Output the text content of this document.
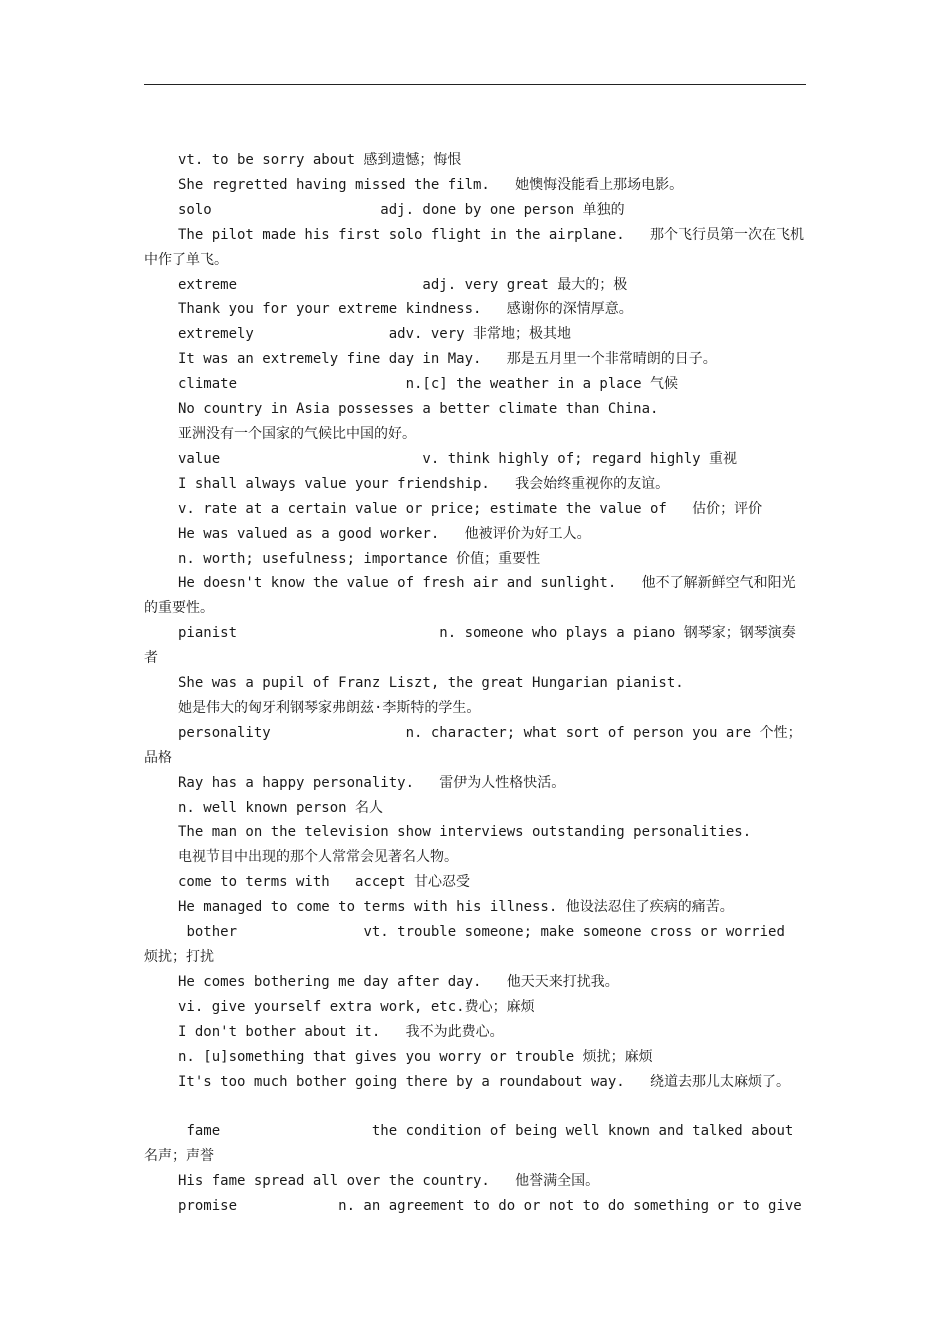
vt. to be sorry about 感到遗憾；悔恨
She regretted having missed the film.   她懊悔没能看上那场电影。
solo                    adj. done by one person 单独的
The pilot made his first solo flight in the airplane.   那个飞行员第一次在飞机中作了单飞。
extreme                      adj. very great 最大的；极
Thank you for your extreme kindness.   感谢你的深情厚意。
extremely                adv. very 非常地；极其地
It was an extremely fine day in May.   那是五月里一个非常晴朗的日子。
climate                    n.[c] the weather in a place 气候
No country in Asia possesses a better climate than China.
亚洲没有一个国家的气候比中国的好。
value                        v. think highly of; regard highly 重视
I shall always value your friendship.   我会始终重视你的友谊。
v. rate at a certain value or price; estimate the value of   估价；评价
He was valued as a good worker.   他被评价为好工人。
n. worth; usefulness; importance 价值；重要性
He doesn't know the value of fresh air and sunlight.   他不了解新鲜空气和阳光的重要性。
pianist                        n. someone who plays a piano 钢琴家；钢琴演奏者
She was a pupil of Franz Liszt, the great Hungarian pianist.
她是伟大的匈牙利钢琴家弗朗兹·李斯特的学生。
personality                n. character; what sort of person you are 个性；品格
Ray has a happy personality.   雷伊为人性格快活。
n. well known person 名人
The man on the television show interviews outstanding personalities.
电视节目中出现的那个人常常会见著名人物。
come to terms with   accept 甘心忍受
He managed to come to terms with his illness. 他设法忍住了疾病的痛苦。
bother               vt. trouble someone; make someone cross or worried 烦扰；打扰
He comes bothering me day after day.   他天天来打扰我。
vi. give yourself extra work, etc.费心；麻烦
I don't bother about it.   我不为此费心。
n. [u]something that gives you worry or trouble 烦扰；麻烦
It's too much bother going there by a roundabout way.   绕道去那儿太麻烦了。
fame                  the condition of being well known and talked about 名声；声誉
His fame spread all over the country.   他誉满全国。
promise            n. an agreement to do or not to do something or to give
